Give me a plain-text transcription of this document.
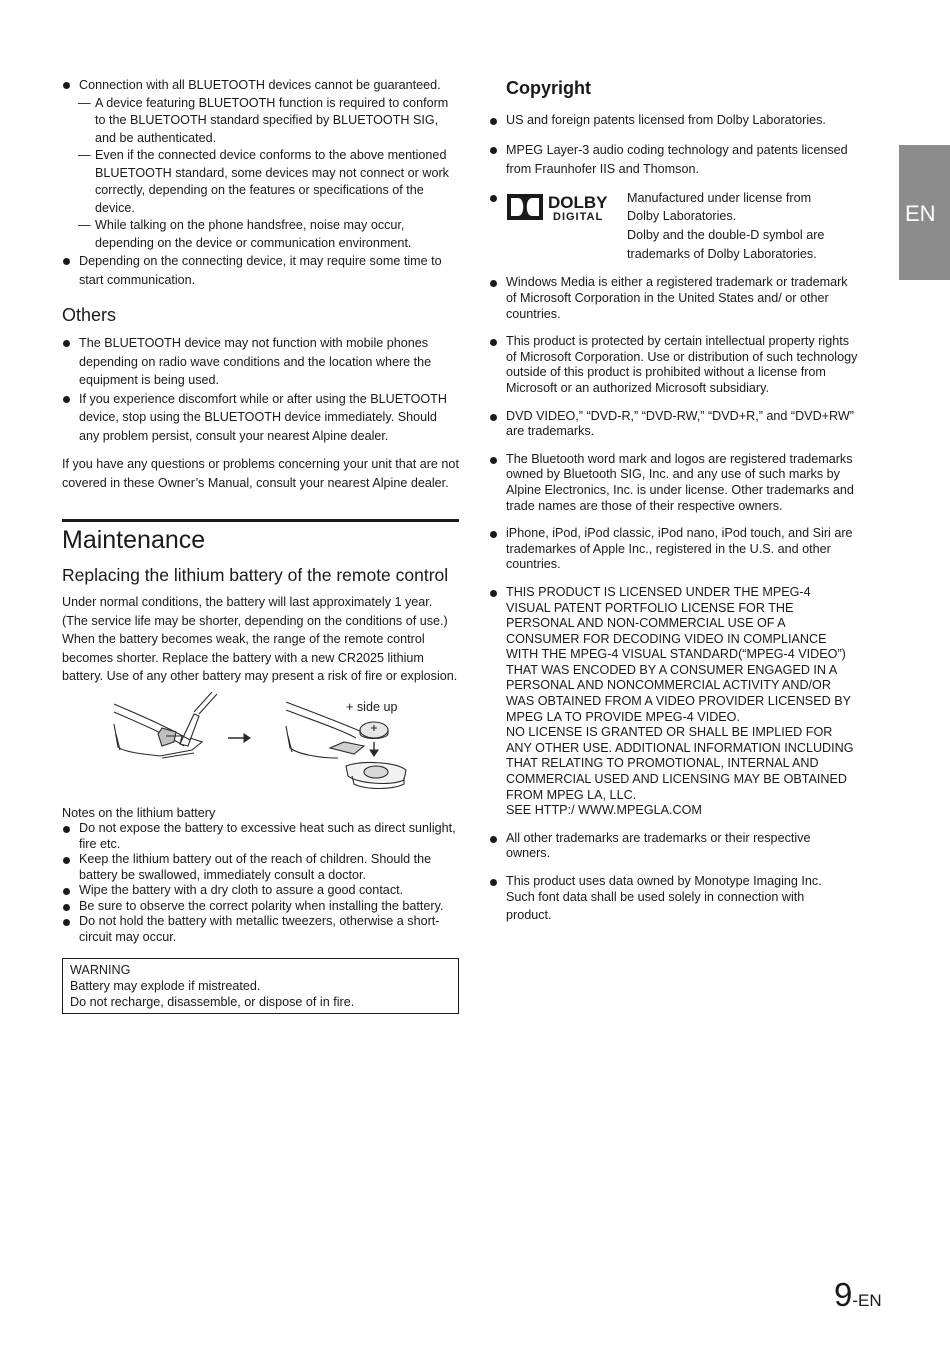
Connection with all BLUETOOTH devices cannot be guaranteed.
— A device featuring BLUETOOTH function is required to conform to the BLUETOOTH standard specified by BLUETOOTH SIG, and be authenticated.
— Even if the connected device conforms to the above mentioned BLUETOOTH standard, some devices may not connect or work correctly, depending on the features or specifications of the device.
— While talking on the phone handsfree, noise may occur, depending on the device or communication environment.
Depending on the connecting device, it may require some time to start communication.
Others
The BLUETOOTH device may not function with mobile phones depending on radio wave conditions and the location where the equipment is being used.
If you experience discomfort while or after using the BLUETOOTH device, stop using the BLUETOOTH device immediately. Should any problem persist, consult your nearest Alpine dealer.

If you have any questions or problems concerning your unit that are not covered in these Owner’s Manual, consult your nearest Alpine dealer.

Maintenance
Replacing the lithium battery of the remote control

Under normal conditions, the battery will last approximately 1 year. (The service life may be shorter, depending on the conditions of use.) When the battery becomes weak, the range of the remote control becomes shorter. Replace the battery with a new CR2025 lithium battery. Use of any other battery may present a risk of fire or explosion.

+ side up

Notes on the lithium battery

Do not expose the battery to excessive heat such as direct sunlight, fire etc.
Keep the lithium battery out of the reach of children. Should the battery be swallowed, immediately consult a doctor.
Wipe the battery with a dry cloth to assure a good contact.
Be sure to observe the correct polarity when installing the battery.
Do not hold the battery with metallic tweezers, otherwise a short-circuit may occur.
WARNING
Battery may explode if mistreated.
Do not recharge, disassemble, or dispose of in fire.
Copyright
US and foreign patents licensed from Dolby Laboratories.
MPEG Layer-3 audio coding technology and patents licensed from Fraunhofer IIS and Thomson.
DOLBY
DIGITAL
Manufactured under license from
Dolby Laboratories.
Dolby and the double-D symbol are
trademarks of Dolby Laboratories.
Windows Media is either a registered trademark or trademark of Microsoft Corporation in the United States and/ or other countries.
This product is protected by certain intellectual property rights of Microsoft Corporation. Use or distribution of such technology outside of this product is prohibited without a license from Microsoft or an authorized Microsoft subsidiary.
DVD VIDEO,” “DVD-R,” “DVD-RW,” “DVD+R,” and “DVD+RW” are trademarks.
The Bluetooth word mark and logos are registered trademarks owned by Bluetooth SIG, Inc. and any use of such marks by Alpine Electronics, Inc. is under license. Other trademarks and trade names are those of their respective owners.
iPhone, iPod, iPod classic, iPod nano, iPod touch, and Siri are trademarkes of Apple Inc., registered in the U.S. and other countries.
THIS PRODUCT IS LICENSED UNDER THE MPEG-4
VISUAL PATENT PORTFOLIO LICENSE FOR THE
PERSONAL AND NON-COMMERCIAL USE OF A
CONSUMER FOR DECODING VIDEO IN COMPLIANCE
WITH THE MPEG-4 VISUAL STANDARD(“MPEG-4 VIDEO”)
THAT WAS ENCODED BY A CONSUMER ENGAGED IN A
PERSONAL AND NONCOMMERCIAL ACTIVITY AND/OR
WAS OBTAINED FROM A VIDEO PROVIDER LICENSED BY
MPEG LA TO PROVIDE MPEG-4 VIDEO.
NO LICENSE IS GRANTED OR SHALL BE IMPLIED FOR
ANY OTHER USE. ADDITIONAL INFORMATION INCLUDING
THAT RELATING TO PROMOTIONAL, INTERNAL AND
COMMERCIAL USED AND LICENSING MAY BE OBTAINED
FROM MPEG LA, LLC.
SEE HTTP:/ WWW.MPEGLA.COM
All other trademarks are trademarks or their respective owners.
This product uses data owned by Monotype Imaging Inc.
Such font data shall be used solely in connection with
product.
EN
9-EN
